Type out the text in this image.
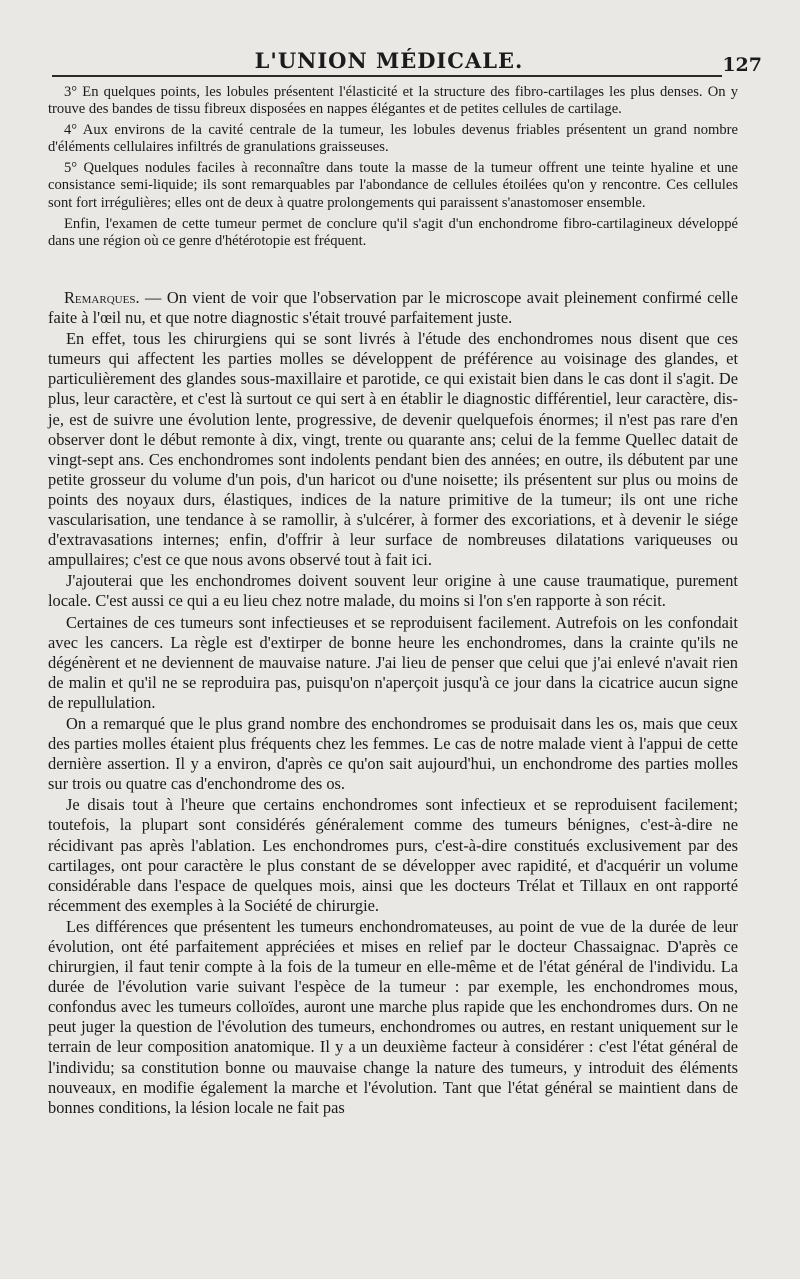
L'UNION MÉDICALE.	127

3° En quelques points, les lobules présentent l'élasticité et la structure des fibro-cartilages les plus denses. On y trouve des bandes de tissu fibreux disposées en nappes élégantes et de petites cellules de cartilage.

4° Aux environs de la cavité centrale de la tumeur, les lobules devenus friables présentent un grand nombre d'éléments cellulaires infiltrés de granulations graisseuses.

5° Quelques nodules faciles à reconnaître dans toute la masse de la tumeur offrent une teinte hyaline et une consistance semi-liquide; ils sont remarquables par l'abondance de cellules étoilées qu'on y rencontre. Ces cellules sont fort irrégulières; elles ont de deux à quatre prolongements qui paraissent s'anastomoser ensemble.

Enfin, l'examen de cette tumeur permet de conclure qu'il s'agit d'un enchondrome fibro-cartilagineux développé dans une région où ce genre d'hétérotopie est fréquent.

Remarques. — On vient de voir que l'observation par le microscope avait pleinement confirmé celle faite à l'œil nu, et que notre diagnostic s'était trouvé parfaitement juste.

En effet, tous les chirurgiens qui se sont livrés à l'étude des enchondromes nous disent que ces tumeurs qui affectent les parties molles se développent de préférence au voisinage des glandes, et particulièrement des glandes sous-maxillaire et parotide, ce qui existait bien dans le cas dont il s'agit. De plus, leur caractère, et c'est là surtout ce qui sert à en établir le diagnostic différentiel, leur caractère, dis-je, est de suivre une évolution lente, progressive, de devenir quelquefois énormes; il n'est pas rare d'en observer dont le début remonte à dix, vingt, trente ou quarante ans; celui de la femme Quellec datait de vingt-sept ans. Ces enchondromes sont indolents pendant bien des années; en outre, ils débutent par une petite grosseur du volume d'un pois, d'un haricot ou d'une noisette; ils présentent sur plus ou moins de points des noyaux durs, élastiques, indices de la nature primitive de la tumeur; ils ont une riche vascularisation, une tendance à se ramollir, à s'ulcérer, à former des excoriations, et à devenir le siége d'extravasations internes; enfin, d'offrir à leur surface de nombreuses dilatations variqueuses ou ampullaires; c'est ce que nous avons observé tout à fait ici.

J'ajouterai que les enchondromes doivent souvent leur origine à une cause traumatique, purement locale. C'est aussi ce qui a eu lieu chez notre malade, du moins si l'on s'en rapporte à son récit.

Certaines de ces tumeurs sont infectieuses et se reproduisent facilement. Autrefois on les confondait avec les cancers. La règle est d'extirper de bonne heure les enchondromes, dans la crainte qu'ils ne dégénèrent et ne deviennent de mauvaise nature. J'ai lieu de penser que celui que j'ai enlevé n'avait rien de malin et qu'il ne se reproduira pas, puisqu'on n'aperçoit jusqu'à ce jour dans la cicatrice aucun signe de repullulation.

On a remarqué que le plus grand nombre des enchondromes se produisait dans les os, mais que ceux des parties molles étaient plus fréquents chez les femmes. Le cas de notre malade vient à l'appui de cette dernière assertion. Il y a environ, d'après ce qu'on sait aujourd'hui, un enchondrome des parties molles sur trois ou quatre cas d'enchondrome des os.

Je disais tout à l'heure que certains enchondromes sont infectieux et se reproduisent facilement; toutefois, la plupart sont considérés généralement comme des tumeurs bénignes, c'est-à-dire ne récidivant pas après l'ablation. Les enchondromes purs, c'est-à-dire constitués exclusivement par des cartilages, ont pour caractère le plus constant de se développer avec rapidité, et d'acquérir un volume considérable dans l'espace de quelques mois, ainsi que les docteurs Trélat et Tillaux en ont rapporté récemment des exemples à la Société de chirurgie.

Les différences que présentent les tumeurs enchondromateuses, au point de vue de la durée de leur évolution, ont été parfaitement appréciées et mises en relief par le docteur Chassaignac. D'après ce chirurgien, il faut tenir compte à la fois de la tumeur en elle-même et de l'état général de l'individu. La durée de l'évolution varie suivant l'espèce de la tumeur : par exemple, les enchondromes mous, confondus avec les tumeurs colloïdes, auront une marche plus rapide que les enchondromes durs. On ne peut juger la question de l'évolution des tumeurs, enchondromes ou autres, en restant uniquement sur le terrain de leur composition anatomique. Il y a un deuxième facteur à considérer : c'est l'état général de l'individu; sa constitution bonne ou mauvaise change la nature des tumeurs, y introduit des éléments nouveaux, en modifie également la marche et l'évolution. Tant que l'état général se maintient dans de bonnes conditions, la lésion locale ne fait pas
